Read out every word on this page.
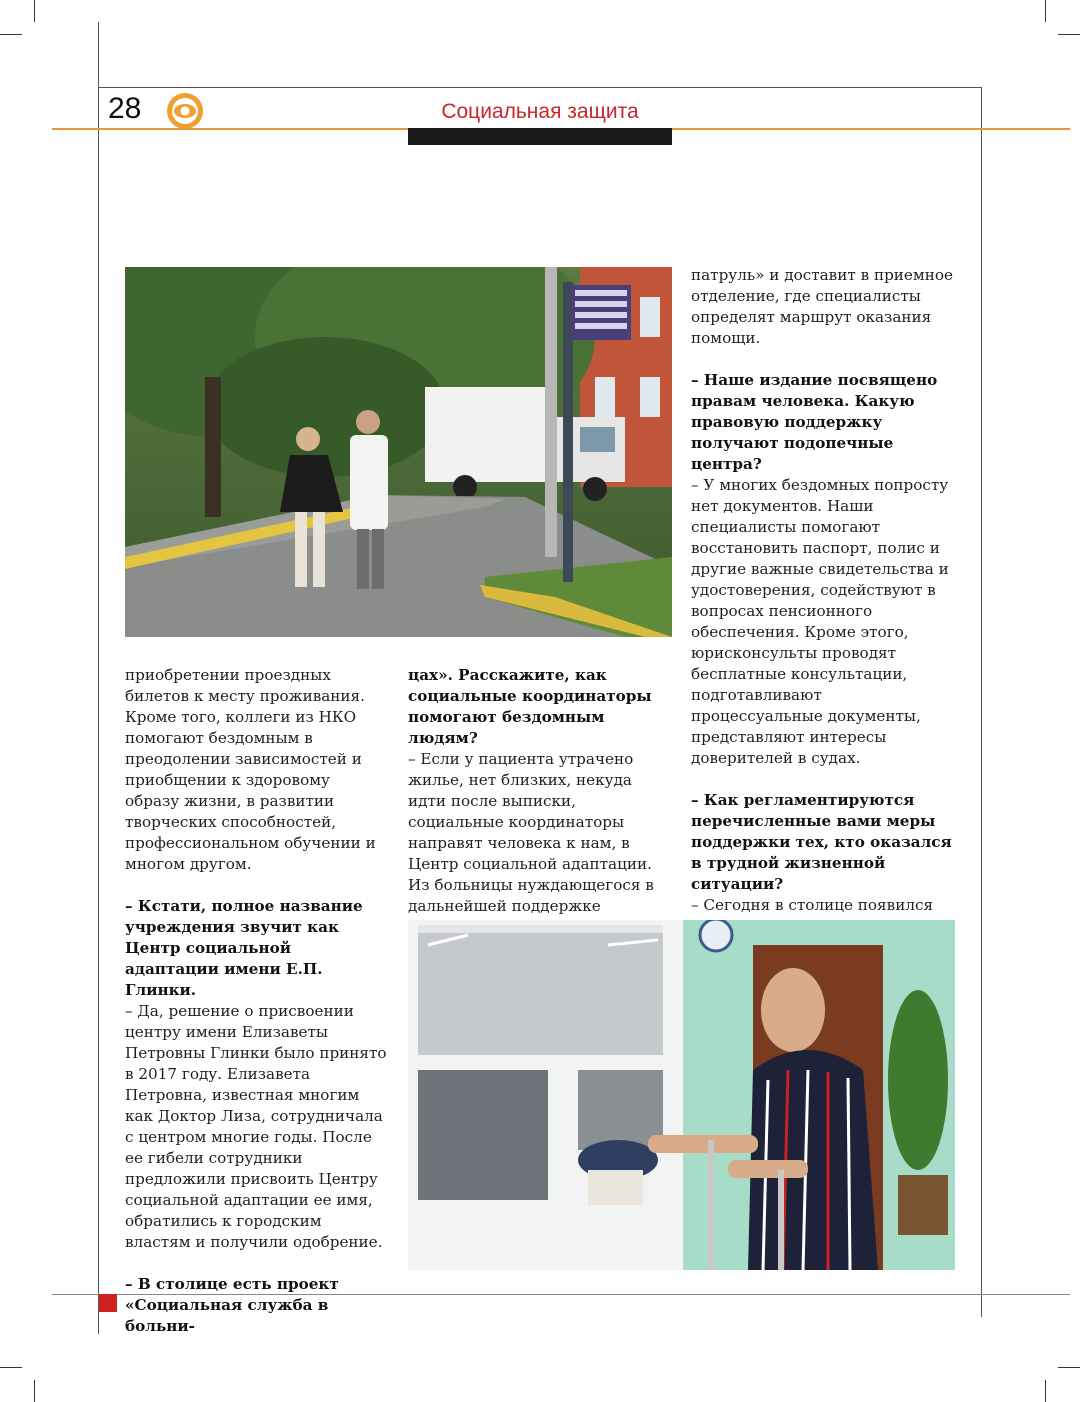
28	Социальная защита

патруль» и доставит в приемное отделение, где специалисты определят маршрут оказания помощи.

– Наше издание посвящено правам человека. Какую правовую поддержку получают подопечные центра?

– У многих бездомных попросту нет документов. Наши специалисты помогают восстановить паспорт, полис и другие важные свидетельства и удостоверения, содействуют в вопросах пенсионного обеспечения. Кроме этого, юрисконсульты проводят бесплатные консультации, подготавливают процессуальные документы, представляют интересы доверителей в судах.

– Как регламентируются перечисленные вами меры поддержки тех, кто оказался в трудной жизненной ситуации?

– Сегодня в столице появился

приобретении проездных билетов к месту проживания. Кроме того, коллеги из НКО помогают бездомным в преодолении зависимостей и приобщении к здоровому образу жизни, в развитии творческих способностей, профессиональном обучении и многом другом.

– Кстати, полное название учреждения звучит как Центр социальной адаптации имени Е.П. Глинки.

– Да, решение о присвоении центру имени Елизаветы Петровны Глинки было принято в 2017 году. Елизавета Петровна, известная многим как Доктор Лиза, сотрудничала с центром многие годы. После ее гибели сотрудники предложили присвоить Центру социальной адаптации ее имя, обратились к городским властям и получили одобрение.

– В столице есть проект «Социальная служба в больни-

цах». Расскажите, как социальные координаторы помогают бездомным людям?

– Если у пациента утрачено жилье, нет близких, некуда идти после выписки, социальные координаторы направят человека к нам, в Центр социальной адаптации. Из больницы нуждающегося в дальнейшей поддержке
